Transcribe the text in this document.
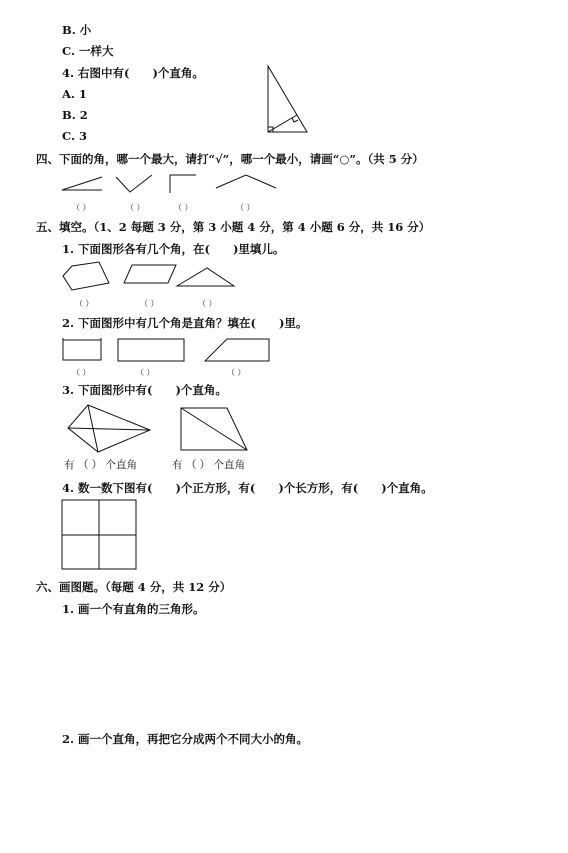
B. 小
C. 一样大
4. 右图中有(　　)个直角。
A. 1
B. 2
C. 3
四、下面的角，哪一个最大，请打“√”，哪一个最小，请画“○”。（共 5 分）
（ ）	（ ）	（ ）	（ ）
五、填空。（1、2 每题 3 分，第 3 小题 4 分，第 4 小题 6 分，共 16 分）
1. 下面图形各有几个角，在(　　)里填儿。
（ ）	（ ）	（ ）
2. 下面图形中有几个角是直角？填在(　　)里。
（ ）	（ ）	（ ）
3. 下面图形中有(　　)个直角。
有 （ ） 个直角	有 （ ） 个直角
4. 数一数下图有(　　)个正方形，有(　　)个长方形，有(　　)个直角。
六、画图题。（每题 4 分，共 12 分）
1. 画一个有直角的三角形。
2. 画一个直角，再把它分成两个不同大小的角。
